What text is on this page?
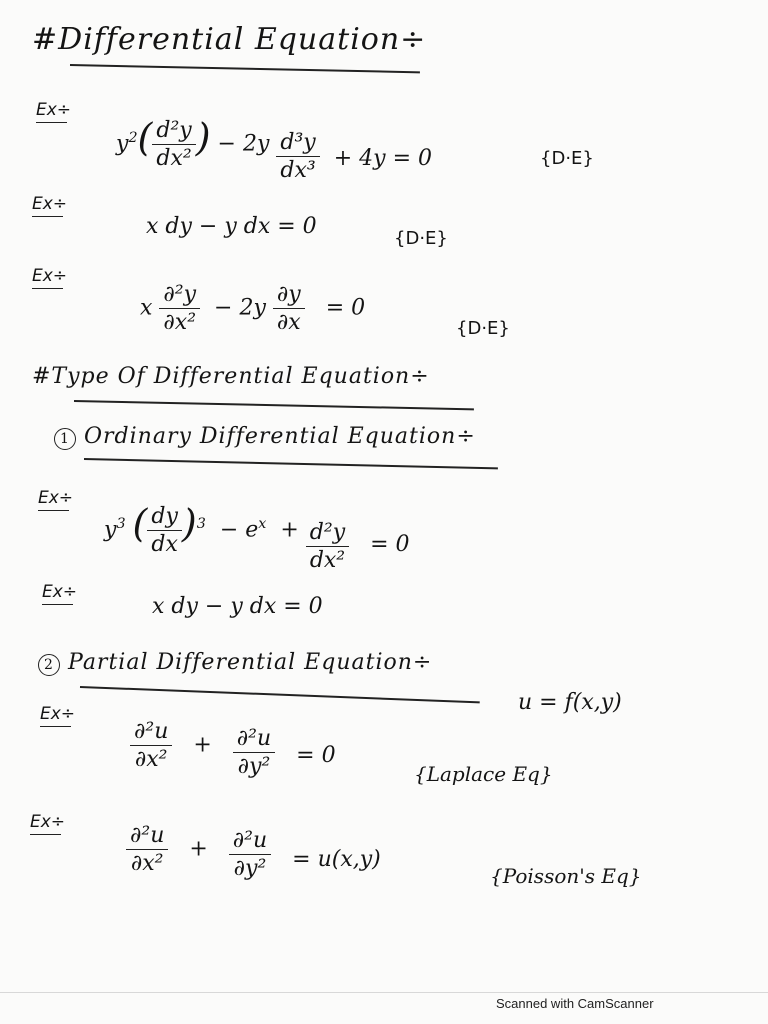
#Differential Equation÷
Ex÷
$y^2( \frac{\text{d²y}}{\text{dx²}}$ ) − $2y \frac{\text{d³y}}{\text{dx³}} + 4y = 0$	{D·E}
Ex÷
x dy − y dx = 0	{D·E}
Ex÷
x $\frac{\text{∂²y}}{\text{∂x²}} - 2y \frac{\partial y}{\partial x} = 0$
{D·E}
#Type Of Differential Equation÷
1 Ordinary Differential Equation÷
Ex÷
$y^3$ ( $\frac{dy}{dx} )^3 - e^x + \frac{\text{d²y}}{\text{dx²}} = 0$
Ex÷
x dy − y dx = 0
2 Partial Differential Equation÷
u = f(x,y)
Ex÷
$\frac{\text{∂²u}}{\text{∂x²}} + \frac{\text{∂²u}}{\text{∂y²}} = 0$
{Laplace Eq}
Ex÷
$\frac{\text{∂²u}}{\text{∂x²}} + \frac{\text{∂²u}}{\text{∂y²}} = u(x,y)$
{Poisson's Eq}
Scanned with CamScanner
